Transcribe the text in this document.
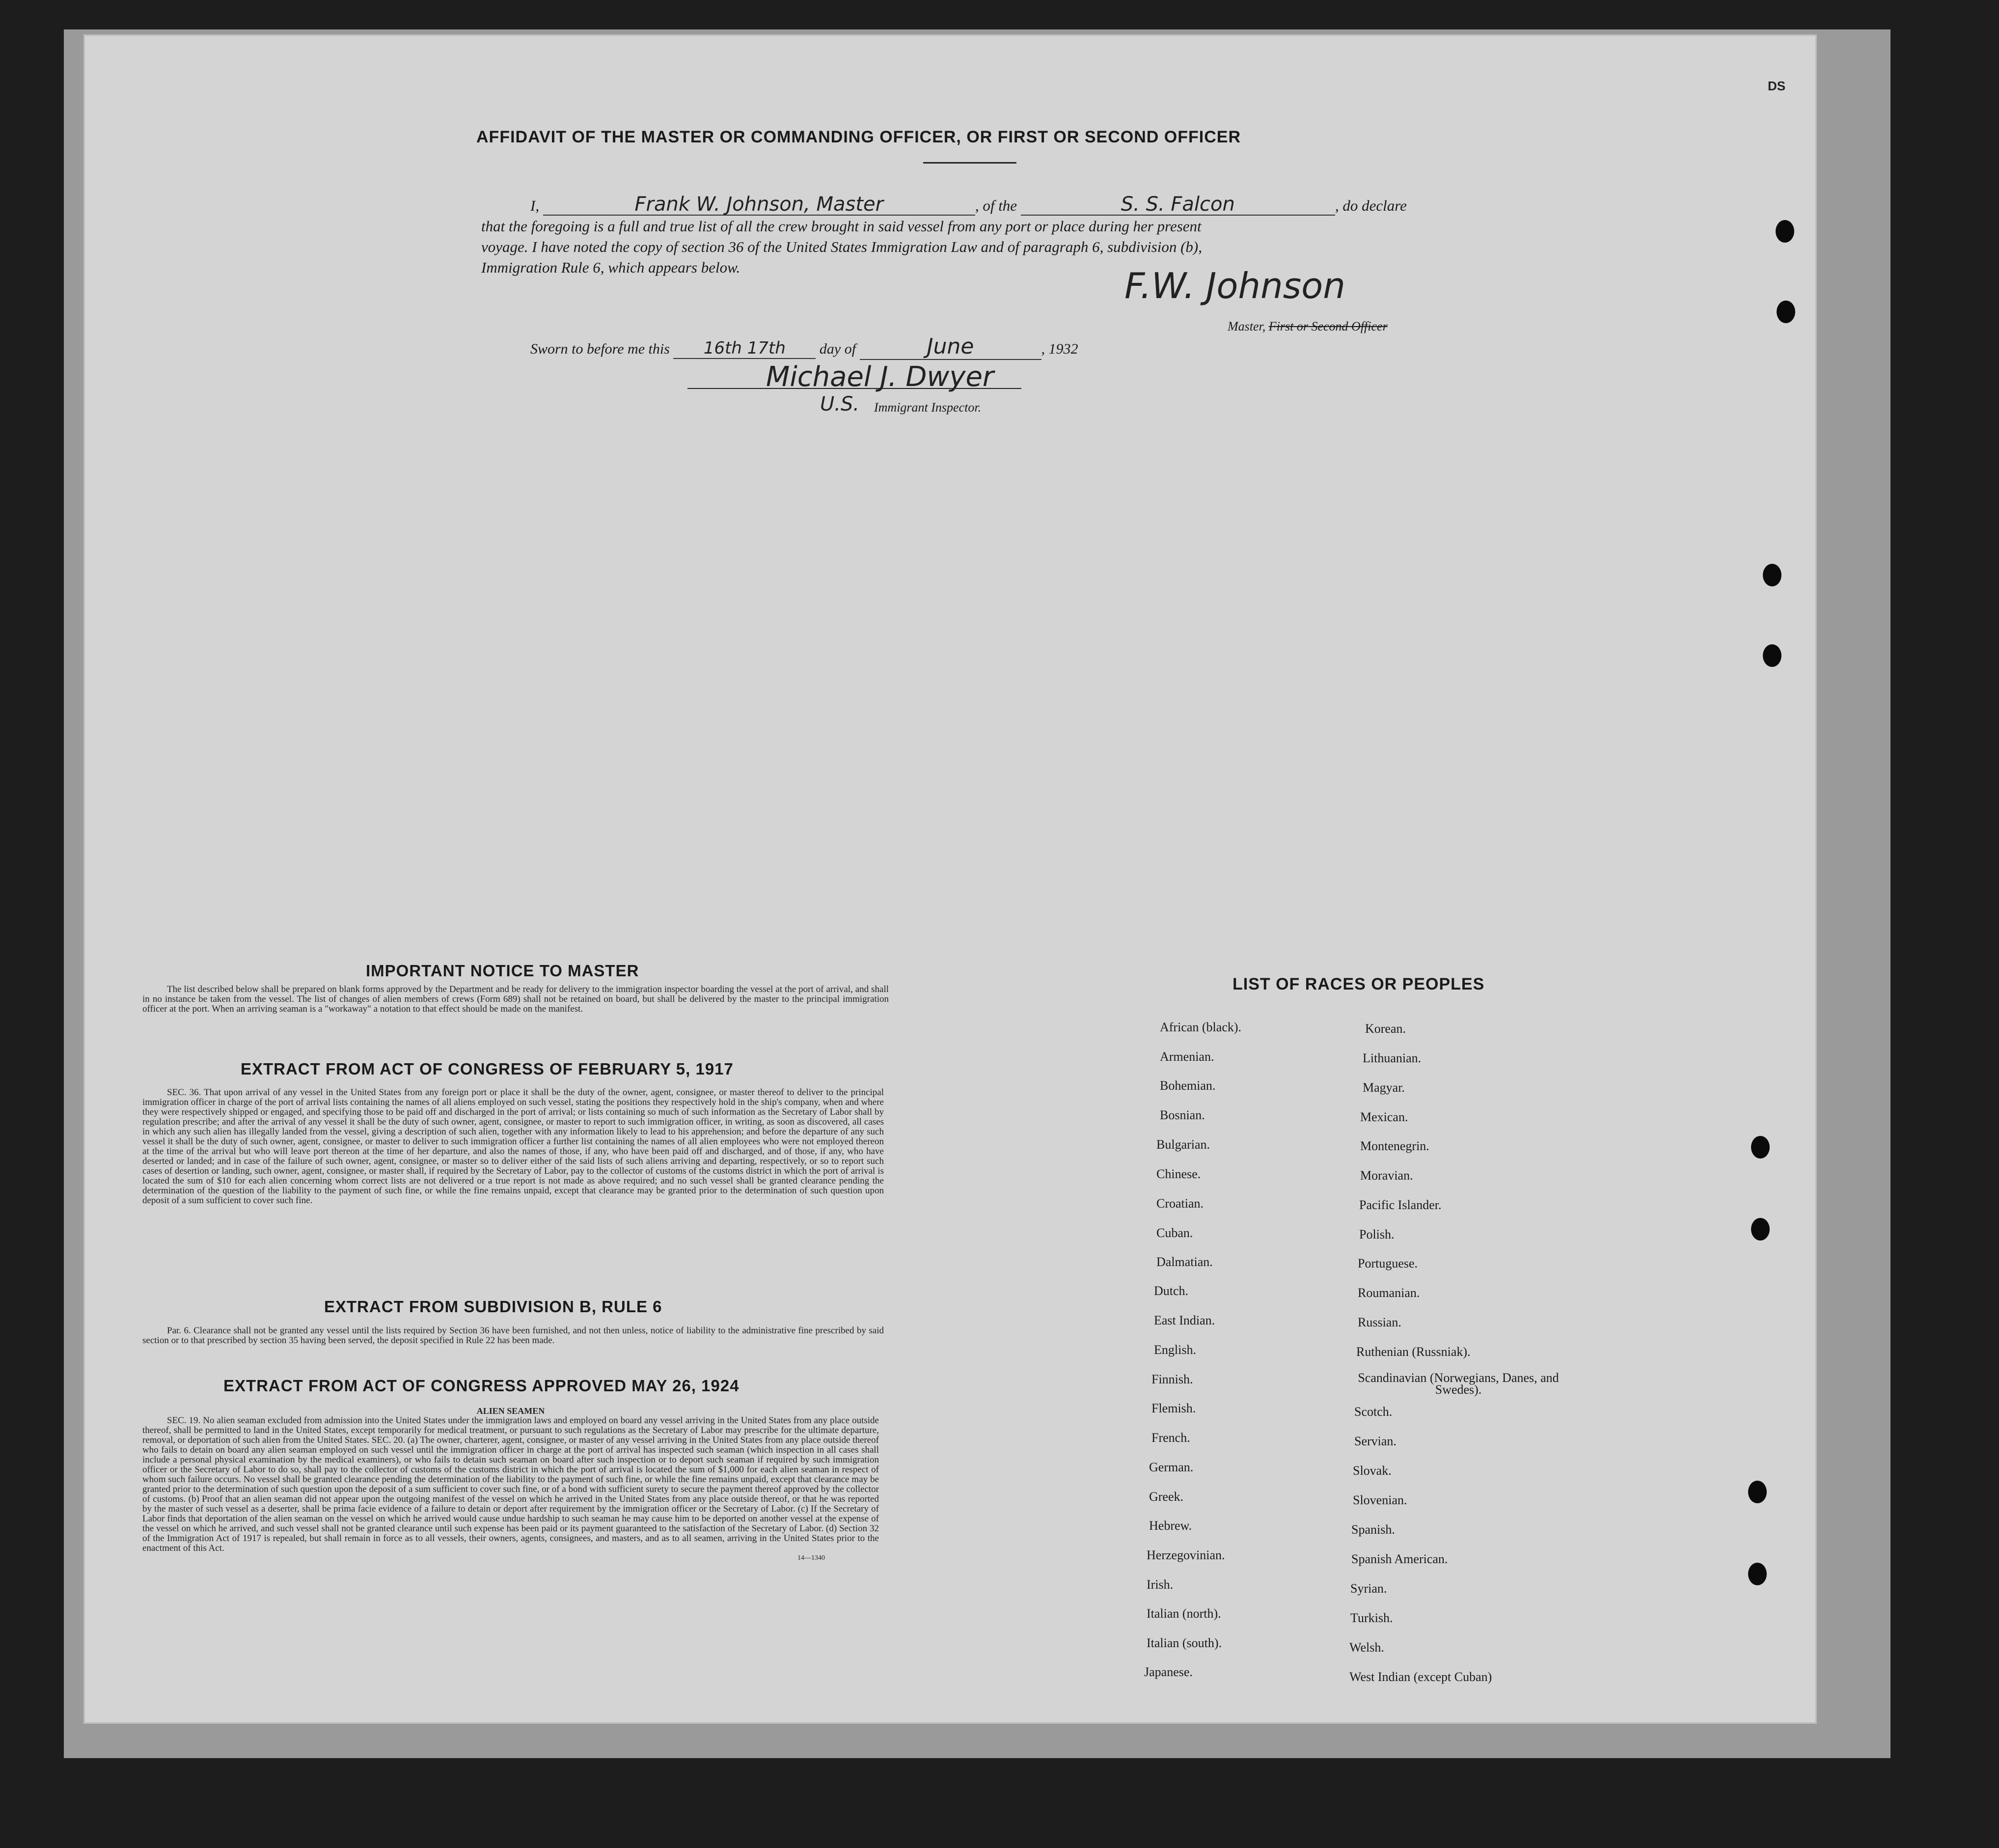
DS
AFFIDAVIT OF THE MASTER OR COMMANDING OFFICER, OR FIRST OR SECOND OFFICER
I,	Frank W. Johnson, Master	, of the	S. S. Falcon	, do declare
that the foregoing is a full and true list of all the crew brought in said vessel from any port or place during her present
voyage. I have noted the copy of section 36 of the United States Immigration Law and of paragraph 6, subdivision (b),
Immigration Rule 6, which appears below.	F.W. Johnson
Master, First or Second Officer
Sworn to before me this 16th 17th day of	June	, 1932
Michael J. Dwyer
U.S. Immigrant Inspector.
IMPORTANT NOTICE TO MASTER
The list described below shall be prepared on blank forms approved by the Department and be ready for delivery to the immigration inspector boarding the vessel at the port of arrival, and shall in no instance be taken from the vessel. The list of changes of alien members of crews (Form 689) shall not be retained on board, but shall be delivered by the master to the principal immigration officer at the port. When an arriving seaman is a "workaway" a notation to that effect should be made on the manifest.
EXTRACT FROM ACT OF CONGRESS OF FEBRUARY 5, 1917
SEC. 36. That upon arrival of any vessel in the United States from any foreign port or place it shall be the duty of the owner, agent, consignee, or master thereof to deliver to the principal immigration officer in charge of the port of arrival lists containing the names of all aliens employed on such vessel, stating the positions they respectively hold in the ship's company, when and where they were respectively shipped or engaged, and specifying those to be paid off and discharged in the port of arrival; or lists containing so much of such information as the Secretary of Labor shall by regulation prescribe; and after the arrival of any vessel it shall be the duty of such owner, agent, consignee, or master to report to such immigration officer, in writing, as soon as discovered, all cases in which any such alien has illegally landed from the vessel, giving a description of such alien, together with any information likely to lead to his apprehension; and before the departure of any such vessel it shall be the duty of such owner, agent, consignee, or master to deliver to such immigration officer a further list containing the names of all alien employees who were not employed thereon at the time of the arrival but who will leave port thereon at the time of her departure, and also the names of those, if any, who have been paid off and discharged, and of those, if any, who have deserted or landed; and in case of the failure of such owner, agent, consignee, or master so to deliver either of the said lists of such aliens arriving and departing, respectively, or so to report such cases of desertion or landing, such owner, agent, consignee, or master shall, if required by the Secretary of Labor, pay to the collector of customs of the customs district in which the port of arrival is located the sum of $10 for each alien concerning whom correct lists are not delivered or a true report is not made as above required; and no such vessel shall be granted clearance pending the determination of the question of the liability to the payment of such fine, or while the fine remains unpaid, except that clearance may be granted prior to the determination of such question upon deposit of a sum sufficient to cover such fine.
EXTRACT FROM SUBDIVISION B, RULE 6
Par. 6. Clearance shall not be granted any vessel until the lists required by Section 36 have been furnished, and not then unless, notice of liability to the administrative fine prescribed by said section or to that prescribed by section 35 having been served, the deposit specified in Rule 22 has been made.
EXTRACT FROM ACT OF CONGRESS APPROVED MAY 26, 1924
ALIEN SEAMEN
SEC. 19. No alien seaman excluded from admission into the United States under the immigration laws and employed on board any vessel arriving in the United States from any place outside thereof, shall be permitted to land in the United States, except temporarily for medical treatment, or pursuant to such regulations as the Secretary of Labor may prescribe for the ultimate departure, removal, or deportation of such alien from the United States. SEC. 20. (a) The owner, charterer, agent, consignee, or master of any vessel arriving in the United States from any place outside thereof who fails to detain on board any alien seaman employed on such vessel until the immigration officer in charge at the port of arrival has inspected such seaman (which inspection in all cases shall include a personal physical examination by the medical examiners), or who fails to detain such seaman on board after such inspection or to deport such seaman if required by such immigration officer or the Secretary of Labor to do so, shall pay to the collector of customs of the customs district in which the port of arrival is located the sum of $1,000 for each alien seaman in respect of whom such failure occurs. No vessel shall be granted clearance pending the determination of the liability to the payment of such fine, or while the fine remains unpaid, except that clearance may be granted prior to the determination of such question upon the deposit of a sum sufficient to cover such fine, or of a bond with sufficient surety to secure the payment thereof approved by the collector of customs. (b) Proof that an alien seaman did not appear upon the outgoing manifest of the vessel on which he arrived in the United States from any place outside thereof, or that he was reported by the master of such vessel as a deserter, shall be prima facie evidence of a failure to detain or deport after requirement by the immigration officer or the Secretary of Labor. (c) If the Secretary of Labor finds that deportation of the alien seaman on the vessel on which he arrived would cause undue hardship to such seaman he may cause him to be deported on another vessel at the expense of the vessel on which he arrived, and such vessel shall not be granted clearance until such expense has been paid or its payment guaranteed to the satisfaction of the Secretary of Labor. (d) Section 32 of the Immigration Act of 1917 is repealed, but shall remain in force as to all vessels, their owners, agents, consignees, and masters, and as to all seamen, arriving in the United States prior to the enactment of this Act.
14—1340
LIST OF RACES OR PEOPLES
African (black).
Armenian.
Bohemian.
Bosnian.
Bulgarian.
Chinese.
Croatian.
Cuban.
Dalmatian.
Dutch.
East Indian.
English.
Finnish.
Flemish.
French.
German.
Greek.
Hebrew.
Herzegovinian.
Irish.
Italian (north).
Italian (south).
Japanese.
Korean.
Lithuanian.
Magyar.
Mexican.
Montenegrin.
Moravian.
Pacific Islander.
Polish.
Portuguese.
Roumanian.
Russian.
Ruthenian (Russniak).
Scandinavian (Norwegians, Danes, and Swedes).
Scotch.
Servian.
Slovak.
Slovenian.
Spanish.
Spanish American.
Syrian.
Turkish.
Welsh.
West Indian (except Cuban)
